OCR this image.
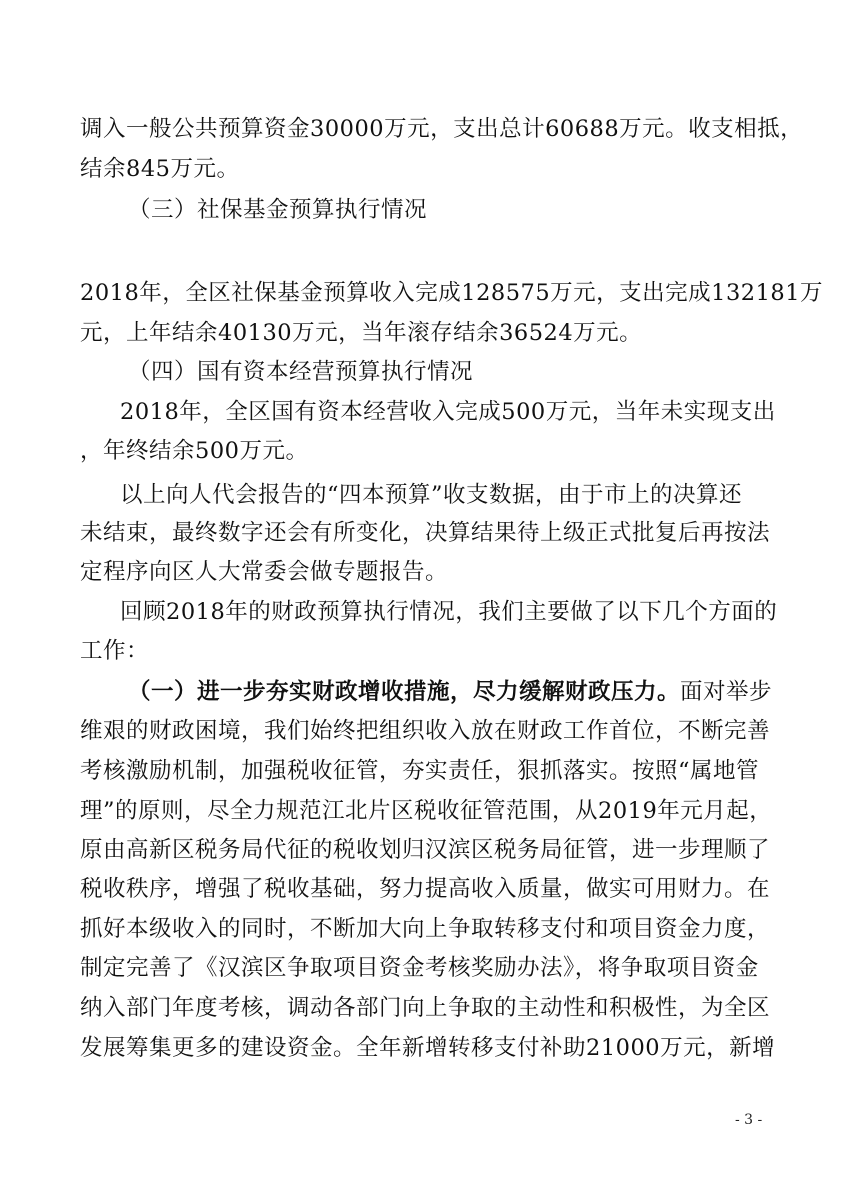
调入一般公共预算资金30000万元，支出总计60688万元。收支相抵，
结余845万元。
（三）社保基金预算执行情况
2018年，全区社保基金预算收入完成128575万元，支出完成132181万
元，上年结余40130万元，当年滚存结余36524万元。
（四）国有资本经营预算执行情况
2018年，全区国有资本经营收入完成500万元，当年未实现支出
，年终结余500万元。
以上向人代会报告的“四本预算”收支数据，由于市上的决算还
未结束，最终数字还会有所变化，决算结果待上级正式批复后再按法
定程序向区人大常委会做专题报告。
回顾2018年的财政预算执行情况，我们主要做了以下几个方面的
工作：
（一）进一步夯实财政增收措施，尽力缓解财政压力。面对举步
维艰的财政困境，我们始终把组织收入放在财政工作首位，不断完善
考核激励机制，加强税收征管，夯实责任，狠抓落实。按照“属地管
理”的原则，尽全力规范江北片区税收征管范围，从2019年元月起，
原由高新区税务局代征的税收划归汉滨区税务局征管，进一步理顺了
税收秩序，增强了税收基础，努力提高收入质量，做实可用财力。在
抓好本级收入的同时，不断加大向上争取转移支付和项目资金力度，
制定完善了《汉滨区争取项目资金考核奖励办法》，将争取项目资金
纳入部门年度考核，调动各部门向上争取的主动性和积极性，为全区
发展筹集更多的建设资金。全年新增转移支付补助21000万元，新增
- 3 -
